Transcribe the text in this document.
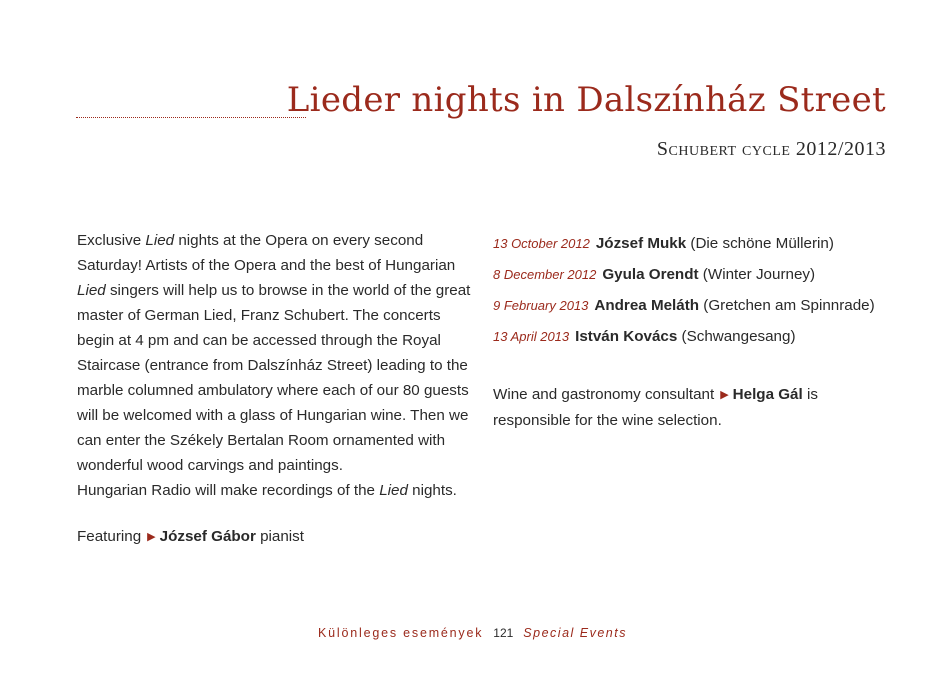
Lieder nights in Dalszínház Street
Schubert cycle 2012/2013

Exclusive Lied nights at the Opera on every second Saturday! Artists of the Opera and the best of Hungarian Lied singers will help us to browse in the world of the great master of German Lied, Franz Schubert. The concerts begin at 4 pm and can be accessed through the Royal Staircase (entrance from Dalszínház Street) leading to the marble columned ambulatory where each of our 80 guests will be welcomed with a glass of Hungarian wine. Then we can enter the Székely Bertalan Room ornamented with wonderful wood carvings and paintings.

Hungarian Radio will make recordings of the Lied nights.

Featuring ▶ József Gábor pianist
13 October 2012 József Mukk (Die schöne Müllerin)
8 December 2012 Gyula Orendt (Winter Journey)
9 February 2013 Andrea Meláth (Gretchen am Spinnrade)
13 April 2013 István Kovács (Schwangesang)
Wine and gastronomy consultant ▶ Helga Gál is responsible for the wine selection.
Különleges események 121 Special Events
